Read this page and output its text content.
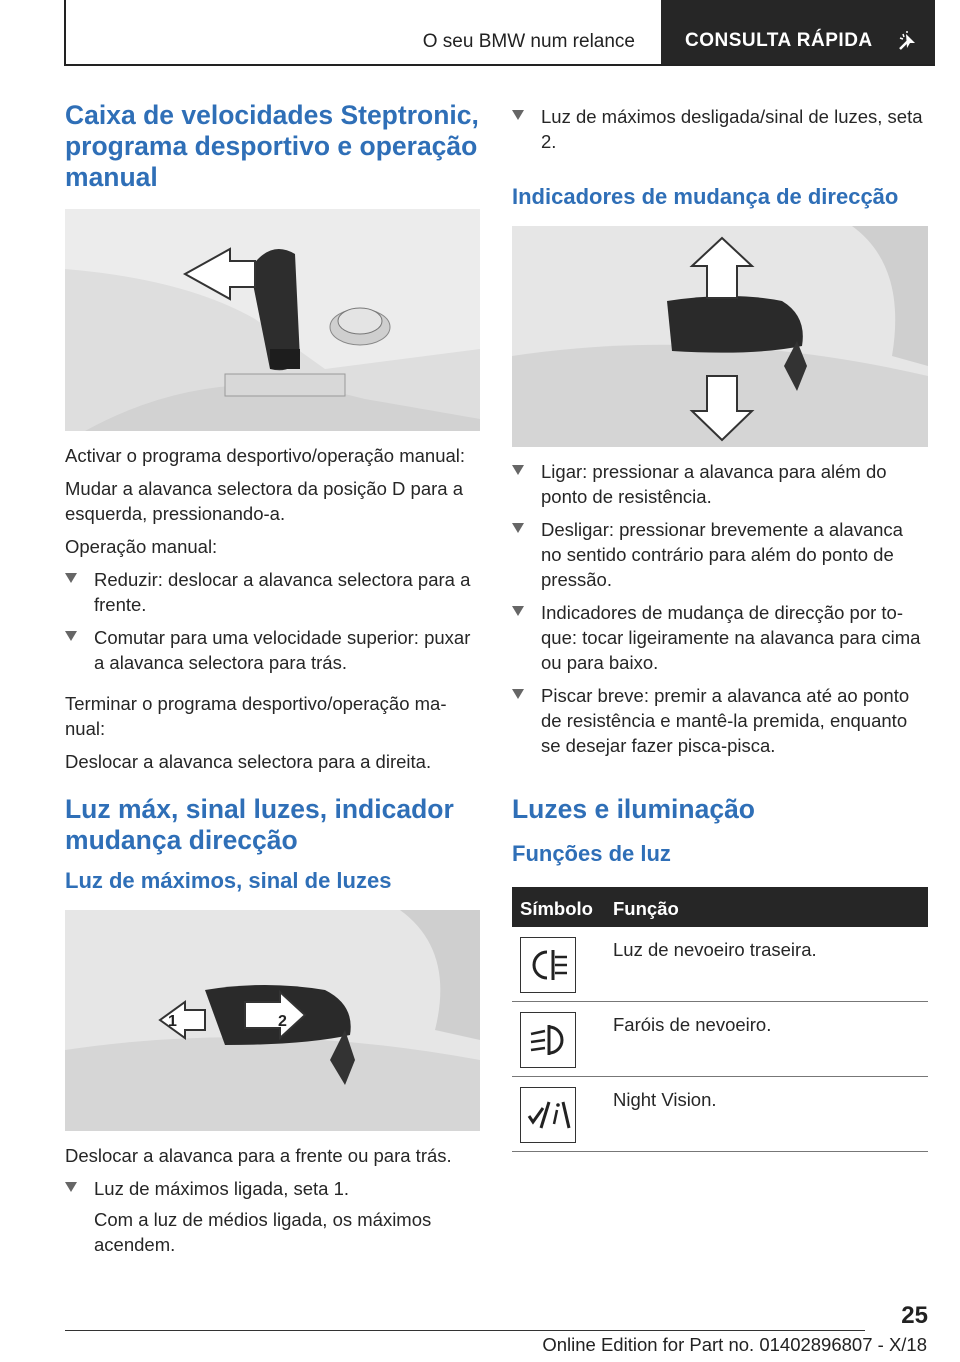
O seu BMW num relance	CONSULTA RÁPIDA
Caixa de velocidades Steptronic, programa desportivo e operação manual

Activar o programa desportivo/operação manual:

Mudar a alavanca selectora da posição D para a esquerda, pressionando-a.

Operação manual:

Reduzir: deslocar a alavanca selectora para a frente.
Comutar para uma velocidade superior: puxar a alavanca selectora para trás.

Terminar o programa desportivo/operação ma-nual:

Deslocar a alavanca selectora para a direita.

Luz máx, sinal luzes, indicador mudança direcção
Luz de máximos, sinal de luzes
1	2

Deslocar a alavanca para a frente ou para trás.

Luz de máximos ligada, seta 1.

Com a luz de médios ligada, os máximos acendem.

Luz de máximos desligada/sinal de luzes, seta 2.
Indicadores de mudança de direcção
Ligar: pressionar a alavanca para além do ponto de resistência.
Desligar: pressionar brevemente a alavanca no sentido contrário para além do ponto de pressão.
Indicadores de mudança de direcção por to-que: tocar ligeiramente na alavanca para cima ou para baixo.
Piscar breve: premir a alavanca até ao ponto de resistência e mantê-la premida, enquanto se desejar fazer pisca-pisca.
Luzes e iluminação
Funções de luz
Símbolo Função
Luz de nevoeiro traseira.
Faróis de nevoeiro.
Night Vision.
25
Online Edition for Part no. 01402896807 - X/18
